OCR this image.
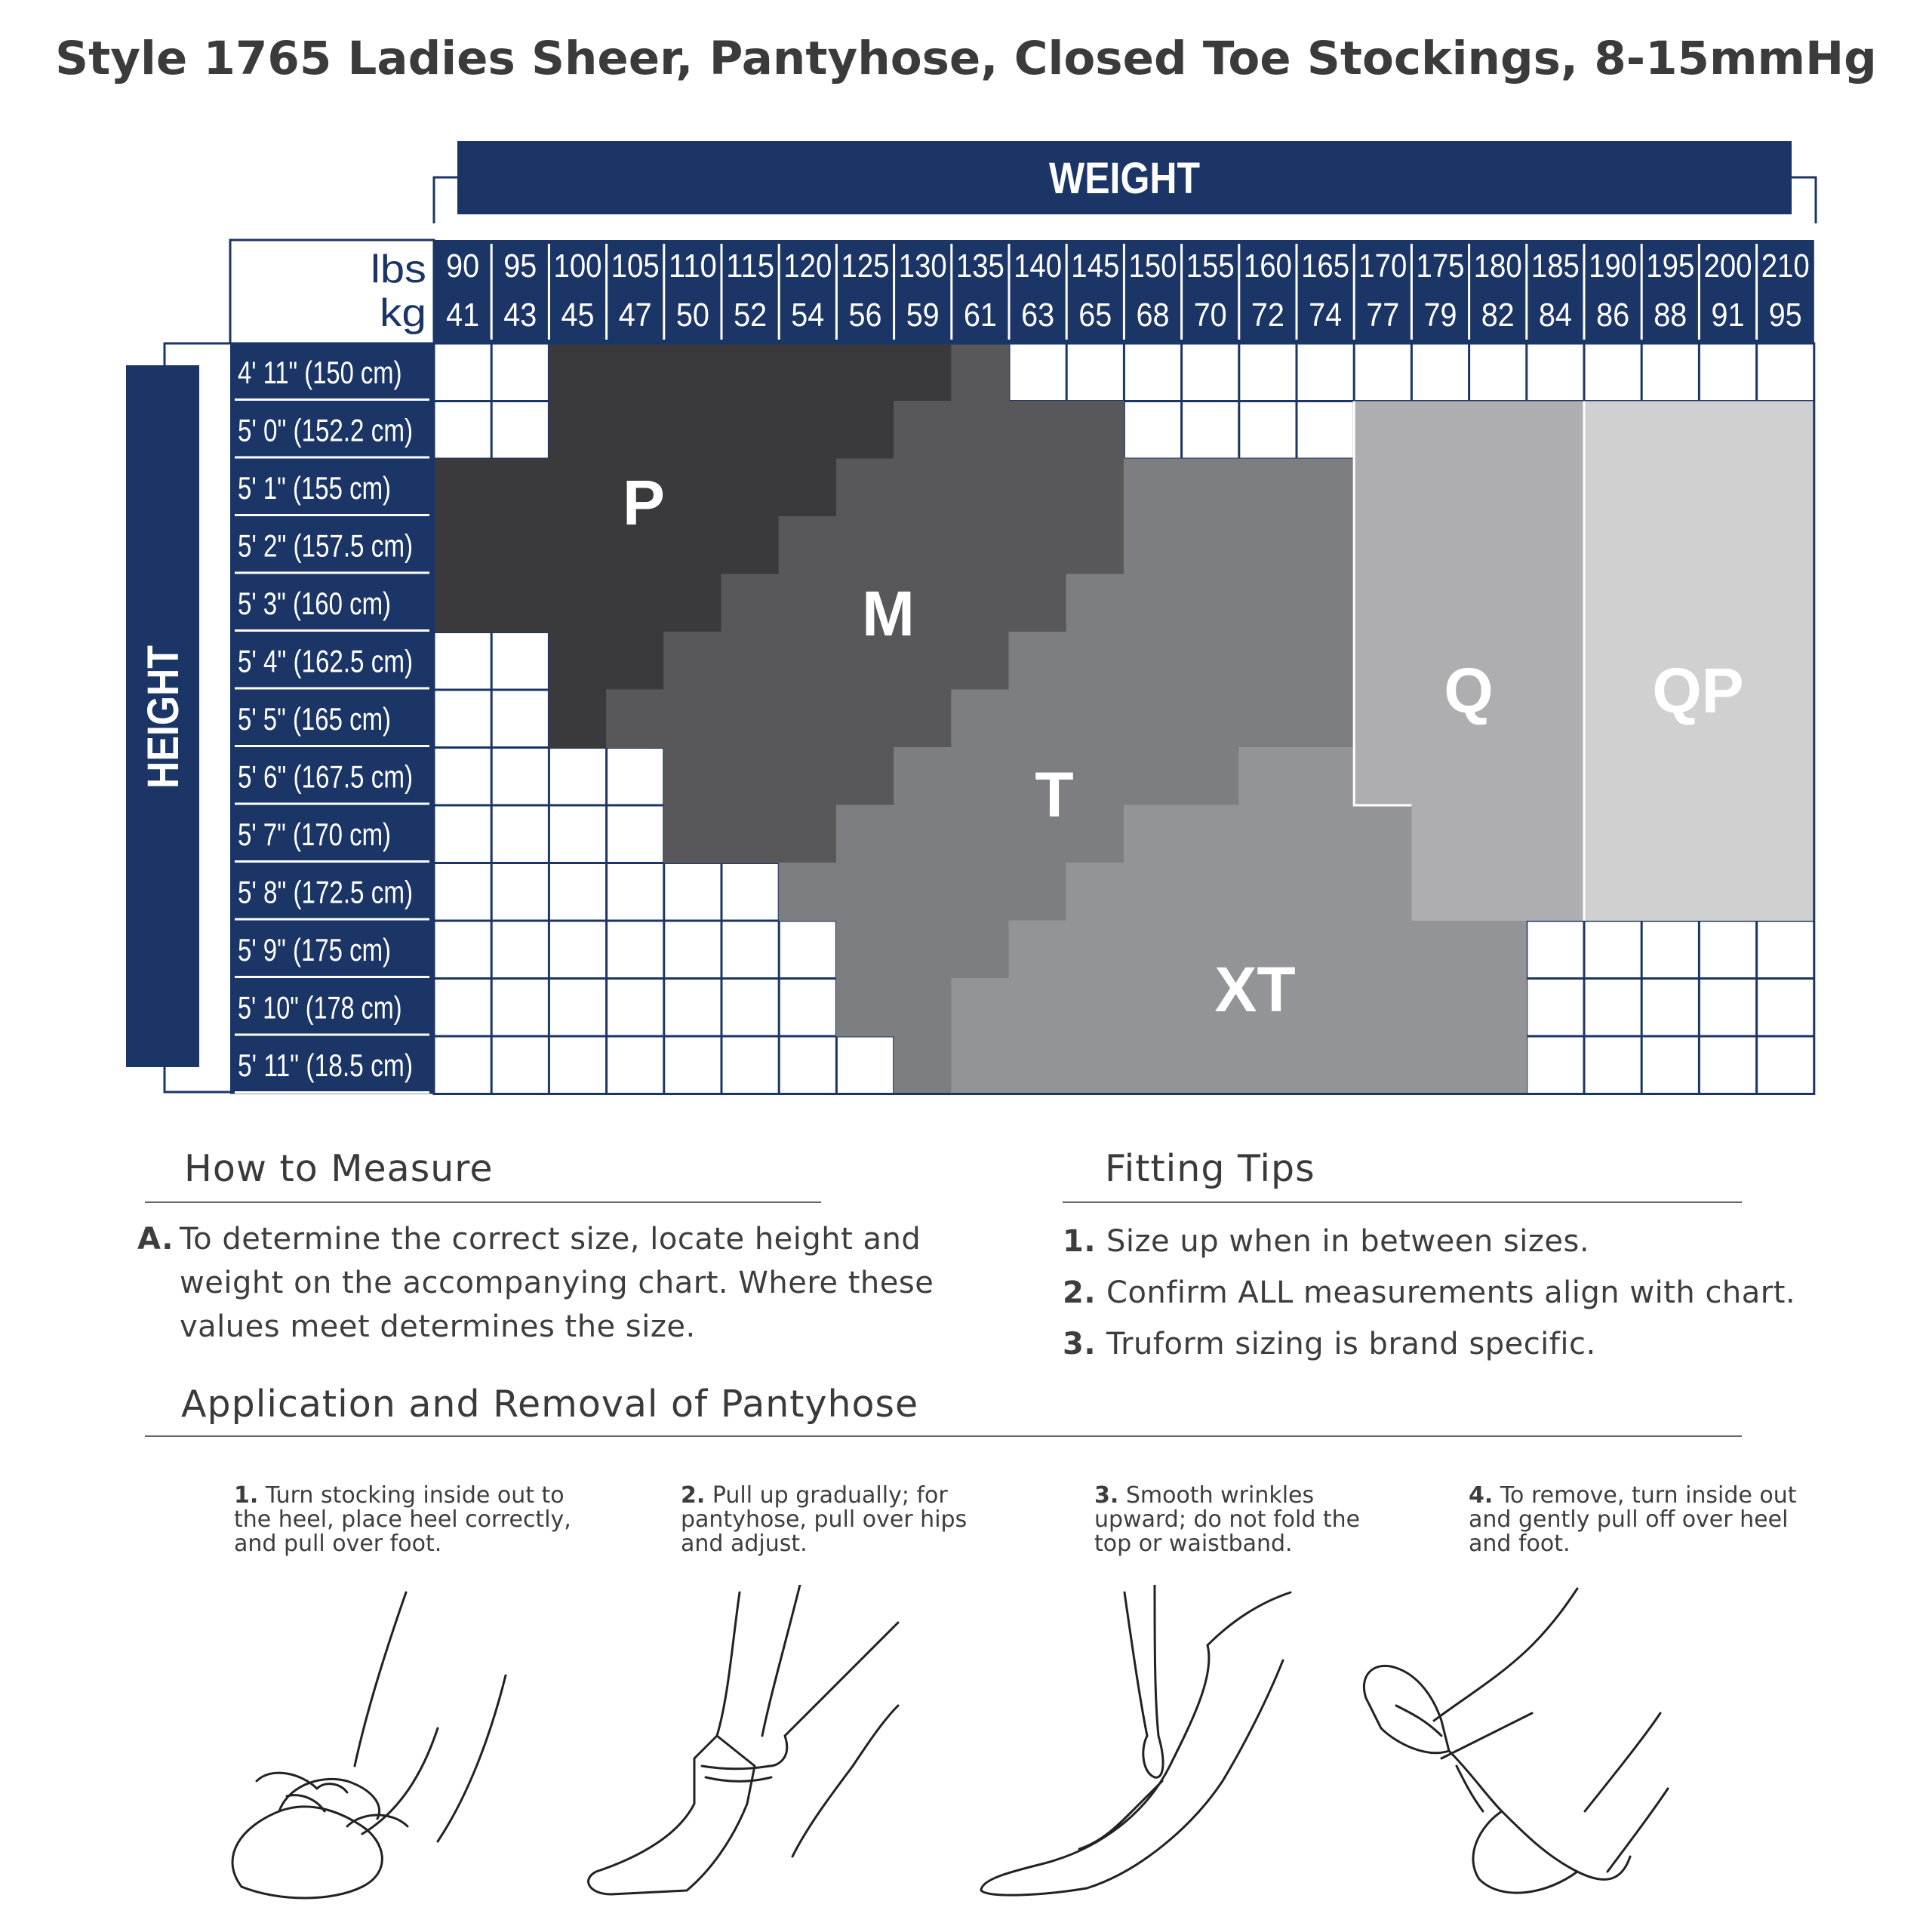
Style 1765 Ladies Sheer, Pantyhose, Closed Toe Stockings, 8-15mmHg
WEIGHT
HEIGHT
lbs
kg
90
41
95
43
100
45
105
47
110
50
115
52
120
54
125
56
130
59
135
61
140
63
145
65
150
68
155
70
160
72
165
74
170
77
175
79
180
82
185
84
190
86
195
88
200
91
210
95
4' 11" (150 cm)
5' 0" (152.2 cm)
5' 1" (155 cm)
5' 2" (157.5 cm)
5' 3" (160 cm)
5' 4" (162.5 cm)
5' 5" (165 cm)
5' 6" (167.5 cm)
5' 7" (170 cm)
5' 8" (172.5 cm)
5' 9" (175 cm)
5' 10" (178 cm)
5' 11" (18.5 cm)
P
M
T
XT
Q	QP
How to Measure
A. To determine the correct size, locate height and weight on the accompanying chart. Where these values meet determines the size.
Fitting Tips
1. Size up when in between sizes.
2. Confirm ALL measurements align with chart.
3. Truform sizing is brand specific.
Application and Removal of Pantyhose
1. Turn stocking inside out to the heel, place heel correctly, and pull over foot.
2. Pull up gradually; for pantyhose, pull over hips and adjust.
3. Smooth wrinkles upward; do not fold the top or waistband.
4. To remove, turn inside out and gently pull off over heel and foot.
